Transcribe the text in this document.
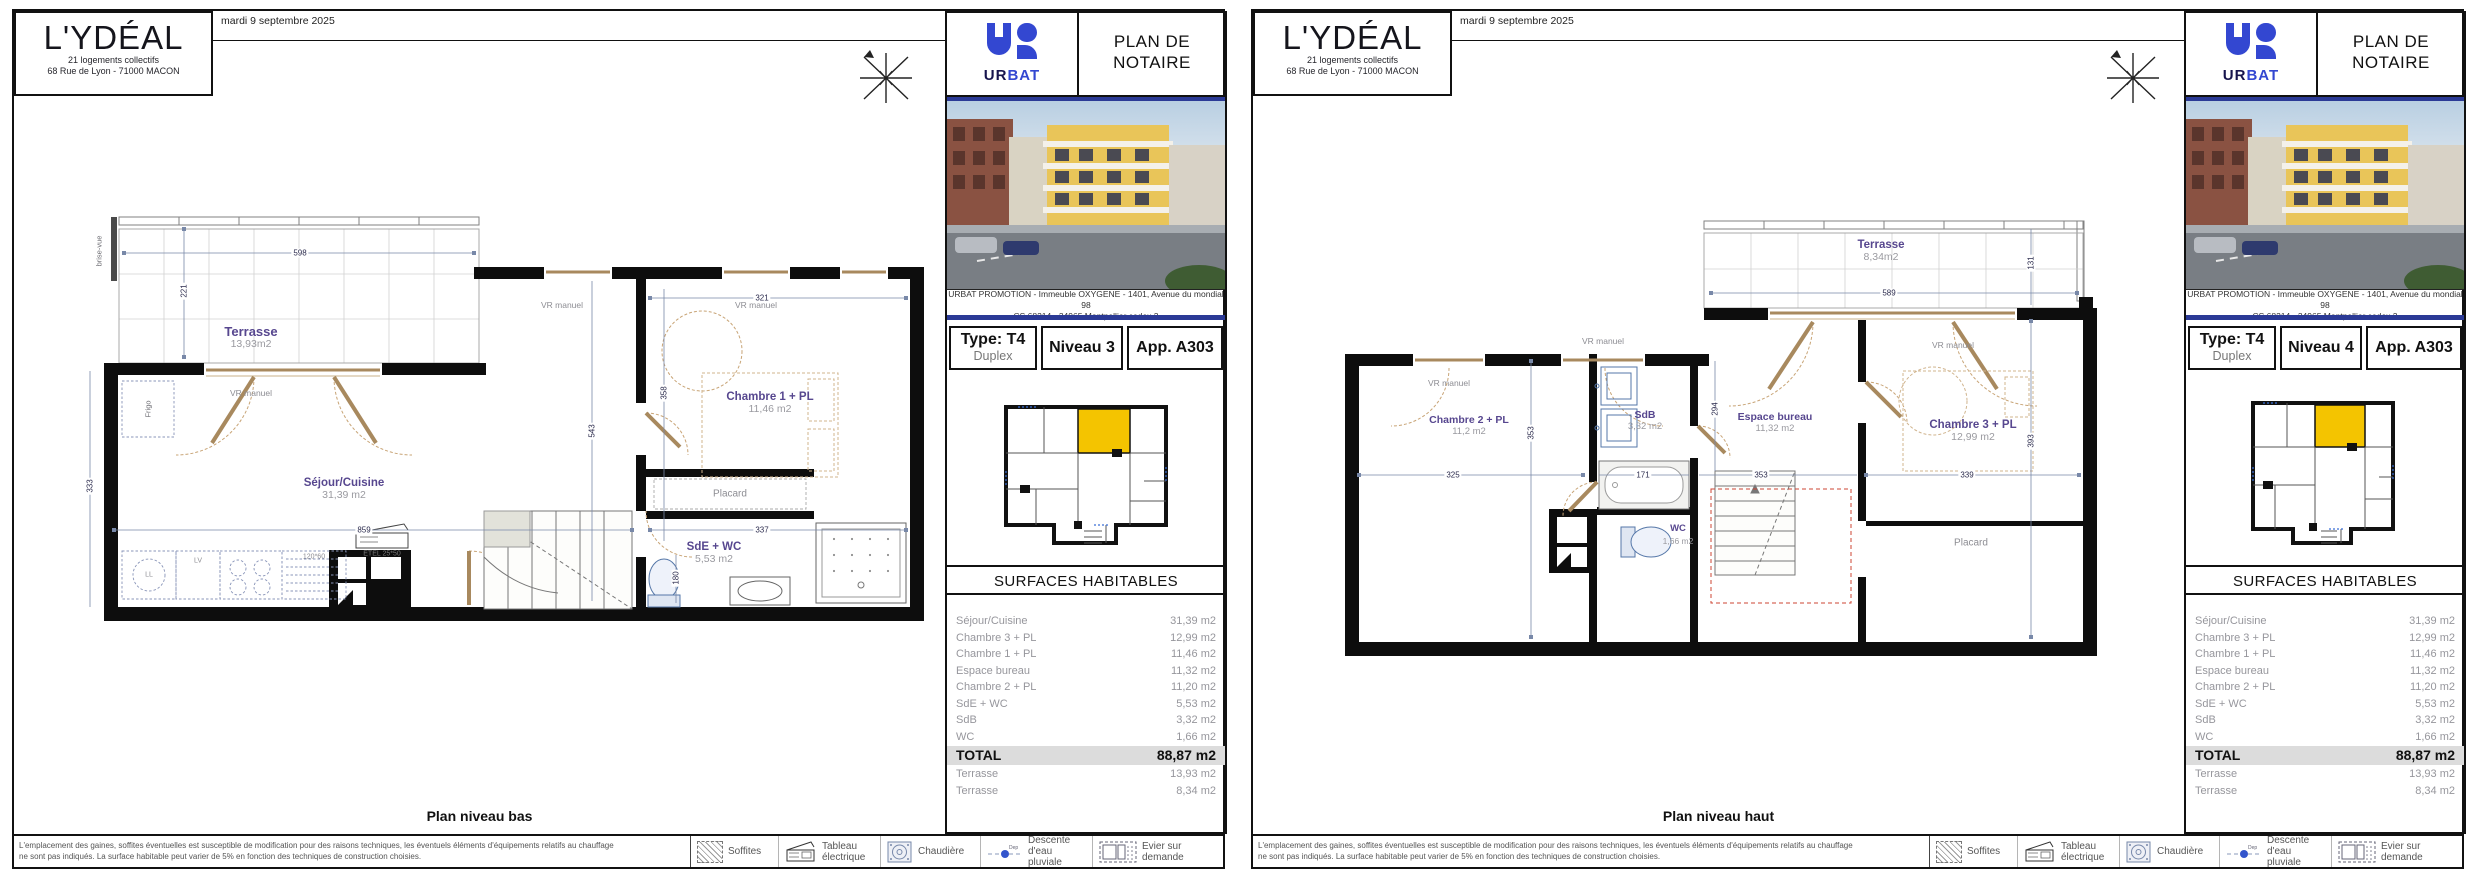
L'YDÉAL
21 logements collectifs
68 Rue de Lyon - 71000 MACON
mardi 9 septembre 2025
Terrasse
13,93m2
Séjour/Cuisine
31,39 m2
Chambre 1 + PL
11,46 m2
SdE + WC
5,53 m2
VR manuel
VR manuel	VR manuel
brise-vue
Frigo
Placard
LL
LV
120*60	ETEL 25*50
598
221
333
859
543
321
358
337
180
Plan niveau bas
URBAT
PLAN DE
NOTAIRE
URBAT PROMOTION - Immeuble OXYGENE - 1401, Avenue du mondial 98
Type: T4
Duplex	Niveau 3	App. A303
SURFACES HABITABLES
Séjour/Cuisine	31,39 m2
Chambre 3 + PL	12,99 m2
Chambre 1 + PL	11,46 m2
Espace bureau	11,32 m2
Chambre 2 + PL	11,20 m2
SdE + WC	5,53 m2
SdB	3,32 m2
WC	1,66 m2
TOTAL	88,87 m2
Terrasse	13,93 m2
Terrasse	8,34 m2
L'emplacement des gaines, soffites éventuelles est susceptible de modification pour des raisons techniques, les éventuels éléments d'équipements relatifs au chauffage
ne sont pas indiqués. La surface habitable peut varier de 5% en fonction des techniques de construction choisies.	Soffites	Tableau électrique	Chaudière	Dep
Descente d'eau pluviale
Evier sur demande
L'YDÉAL
21 logements collectifs
68 Rue de Lyon - 71000 MACON
mardi 9 septembre 2025
Terrasse
8,34m2
Chambre 2 + PL
11,2 m2
SdB
3,32 m2
Espace bureau
11,32 m2	Chambre 3 + PL
12,99 m2
WC
1,66 m2
VR manuel
VR manuel	VR manuel
Placard
589
131
325
353
171
294
353	339
393
Plan niveau haut
URBAT
PLAN DE
NOTAIRE
URBAT PROMOTION - Immeuble OXYGENE - 1401, Avenue du mondial 98
Type: T4
Duplex	Niveau 4	App. A303
SURFACES HABITABLES
Séjour/Cuisine	31,39 m2
Chambre 3 + PL	12,99 m2
Chambre 1 + PL	11,46 m2
Espace bureau	11,32 m2
Chambre 2 + PL	11,20 m2
SdE + WC	5,53 m2
SdB	3,32 m2
WC	1,66 m2
TOTAL	88,87 m2
Terrasse	13,93 m2
Terrasse	8,34 m2
L'emplacement des gaines, soffites éventuelles est susceptible de modification pour des raisons techniques, les éventuels éléments d'équipements relatifs au chauffage
ne sont pas indiqués. La surface habitable peut varier de 5% en fonction des techniques de construction choisies.	Soffites	Tableau électrique	Chaudière	Dep
Descente d'eau pluviale
Evier sur demande
